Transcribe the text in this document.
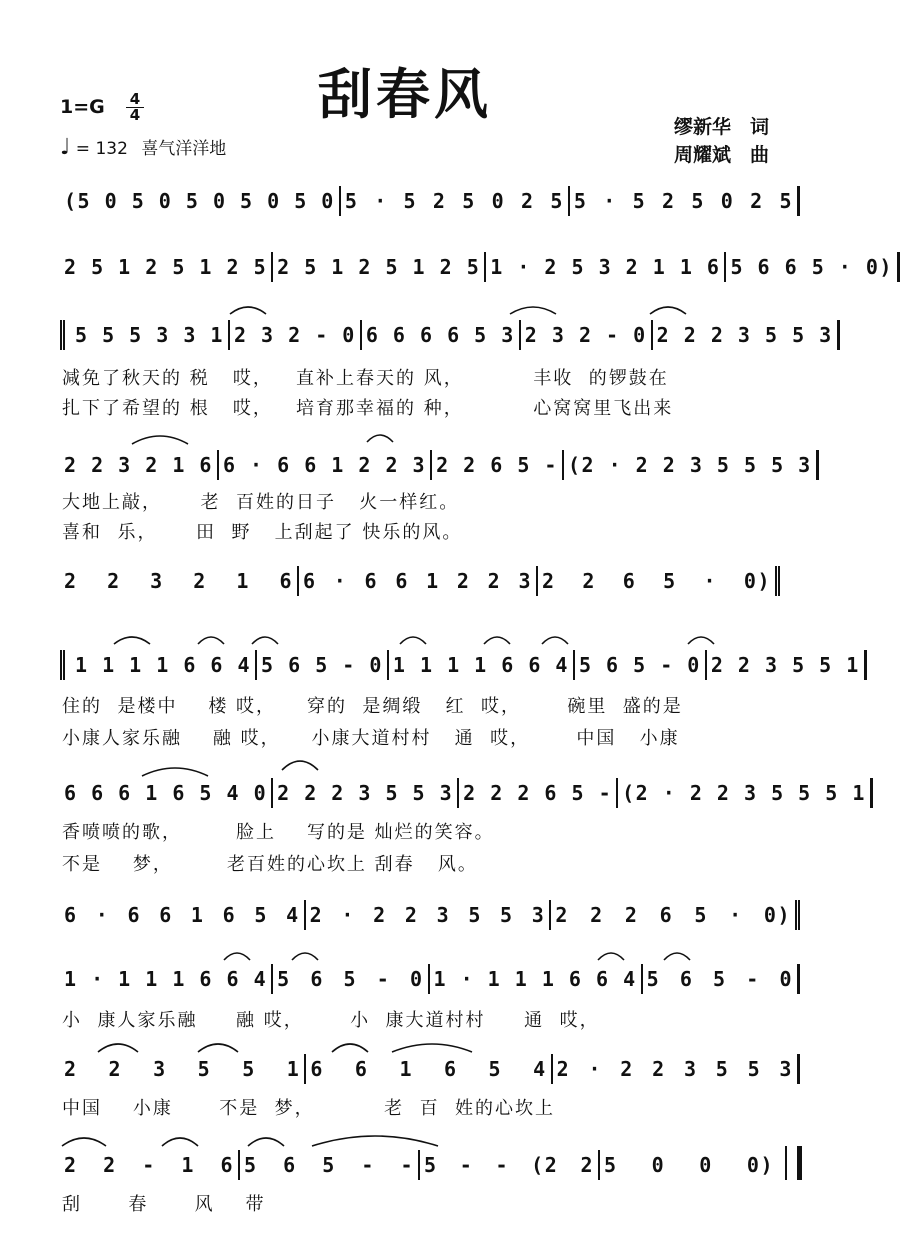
刮春风
1=G 4
4
♩ = 132 喜气洋洋地
缪新华　词
周耀斌　曲
(5 0 5 0 5 0 5 0 5 0 5 · 5 2 5 0 2 5 5 · 5 2 5 0 2 5
2 5 1 2 5 1 2 5 2 5 1 2 5 1 2 5 1 · 2 5 3 2 1 1 6 5 6 6 5 · 0)
5 5 5 3 3 1 2 3 2 - 0 6 6 6 6 5 3 2 3 2 - 0 2 2 2 3 5 5 3
减免了秋天的 税   哎，   直补上春天的 风，         丰收  的锣鼓在
扎下了希望的 根   哎，   培育那幸福的 种，         心窝窝里飞出来
2 2 3 2 1 6 6 · 6 6 1 2 2 3 2 2 6 5 - (2 · 2 2 3 5 5 5 3
大地上敲，     老  百姓的日子   火一样红。
喜和  乐，     田  野   上刮起了 快乐的风。
2 2 3 2 1 6 6 · 6 6 1 2 2 3 2 2 6 5 · 0)
1 1 1 1 6 6 4 5 6 5 - 0 1 1 1 1 6 6 4 5 6 5 - 0 2 2 3 5 5 1
住的  是楼中    楼 哎，    穿的  是绸缎   红  哎，      碗里  盛的是
小康人家乐融    融 哎，    小康大道村村   通  哎，      中国   小康
6 6 6 1 6 5 4 0 2 2 2 3 5 5 3 2 2 2 6 5 - (2 · 2 2 3 5 5 5 1
香喷喷的歌，       脸上    写的是 灿烂的笑容。
不是    梦，       老百姓的心坎上 刮春   风。
6 · 6 6 1 6 5 4 2 · 2 2 3 5 5 3 2 2 2 6 5 · 0)
1 · 1 1 1 6 6 4 5 6 5 - 0 1 · 1 1 1 6 6 4 5 6 5 - 0
小  康人家乐融     融 哎，      小  康大道村村     通  哎，
2 2 3 5 5 1 6 6 1 6 5 4 2 · 2 2 3 5 5 3
中国    小康      不是  梦，         老  百  姓的心坎上
2 2 - 1 6 5 6 5 - - 5 - - (2 2 5 0 0 0)
刮      春      风    带
